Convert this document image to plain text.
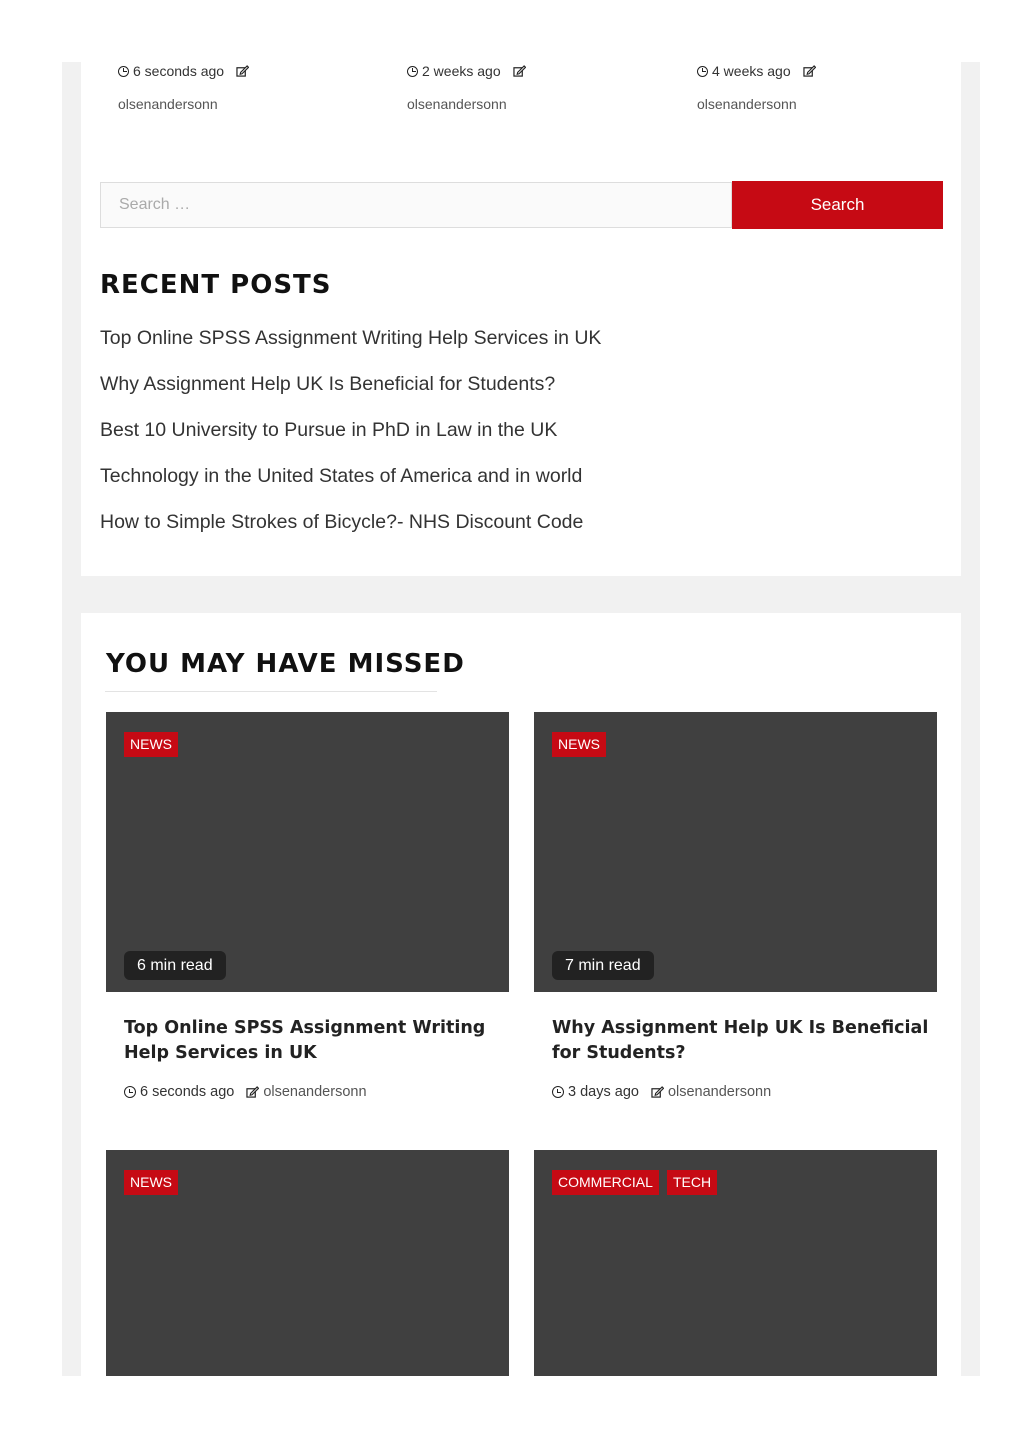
6 seconds ago
olsenandersonn
2 weeks ago
olsenandersonn
4 weeks ago
olsenandersonn
Search …
Search
RECENT POSTS
Top Online SPSS Assignment Writing Help Services in UK
Why Assignment Help UK Is Beneficial for Students?
Best 10 University to Pursue in PhD in Law in the UK
Technology in the United States of America and in world
How to Simple Strokes of Bicycle?- NHS Discount Code
YOU MAY HAVE MISSED
NEWS
6 min read
Top Online SPSS Assignment Writing Help Services in UK
6 seconds ago olsenandersonn
NEWS
7 min read
Why Assignment Help UK Is Beneficial for Students?
3 days ago olsenandersonn
NEWS	COMMERCIAL	TECH
